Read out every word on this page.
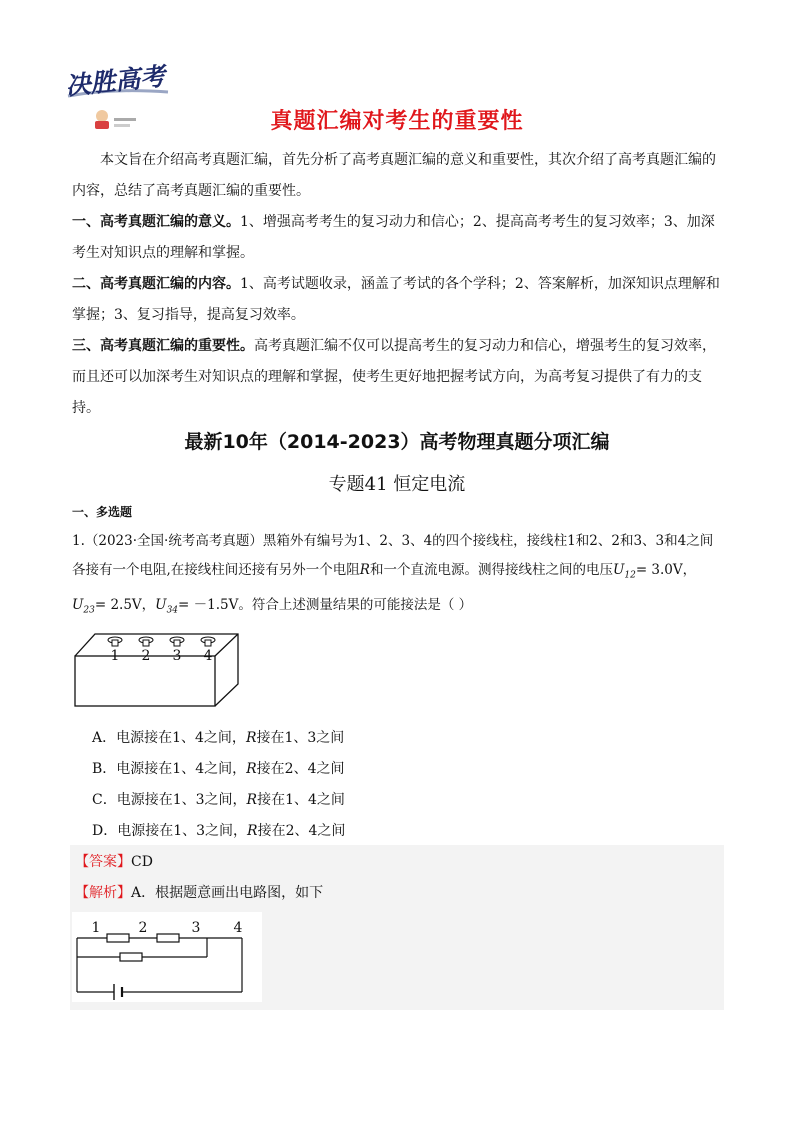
决胜高考
真题汇编对考生的重要性

本文旨在介绍高考真题汇编，首先分析了高考真题汇编的意义和重要性，其次介绍了高考真题汇编的内容，总结了高考真题汇编的重要性。

一、高考真题汇编的意义。1、增强高考考生的复习动力和信心；2、提高高考考生的复习效率；3、加深考生对知识点的理解和掌握。

二、高考真题汇编的内容。1、高考试题收录，涵盖了考试的各个学科；2、答案解析，加深知识点理解和掌握；3、复习指导，提高复习效率。

三、高考真题汇编的重要性。高考真题汇编不仅可以提高考生的复习动力和信心，增强考生的复习效率，而且还可以加深考生对知识点的理解和掌握，使考生更好地把握考试方向，为高考复习提供了有力的支持。

最新10年（2014-2023）高考物理真题分项汇编
专题41 恒定电流
一、多选题
1.（2023·全国·统考高考真题）黑箱外有编号为1、2、3、4的四个接线柱，接线柱1和2、2和3、3和4之间各接有一个电阻,在接线柱间还接有另外一个电阻R和一个直流电源。测得接线柱之间的电压$U_{12}= 3.0V$，
$U_{23}= 2.5V$，$U_{34}= -1.5V$。符合上述测量结果的可能接法是（ ）
1 2 3 4
A．电源接在1、4之间，R接在1、3之间
B．电源接在1、4之间，R接在2、4之间
C．电源接在1、3之间，R接在1、4之间
D．电源接在1、3之间，R接在2、4之间
【答案】CD
【解析】A．根据题意画出电路图，如下
1	2	3 4
